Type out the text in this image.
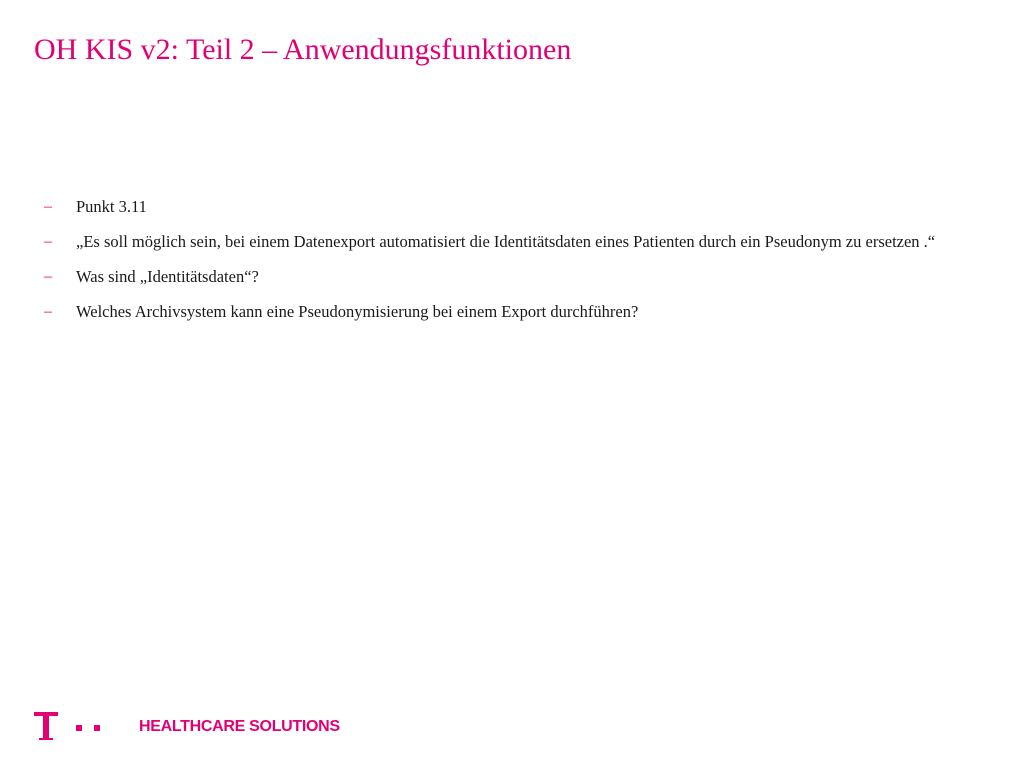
OH KIS v2: Teil 2 – Anwendungsfunktionen
–	Punkt 3.11
–	„Es soll möglich sein, bei einem Datenexport automatisiert die Identitätsdaten eines Patienten durch ein Pseudonym zu ersetzen .“
–	Was sind „Identitätsdaten“?
–	Welches Archivsystem kann eine Pseudonymisierung bei einem Export durchführen?
HEALTHCARE SOLUTIONS
